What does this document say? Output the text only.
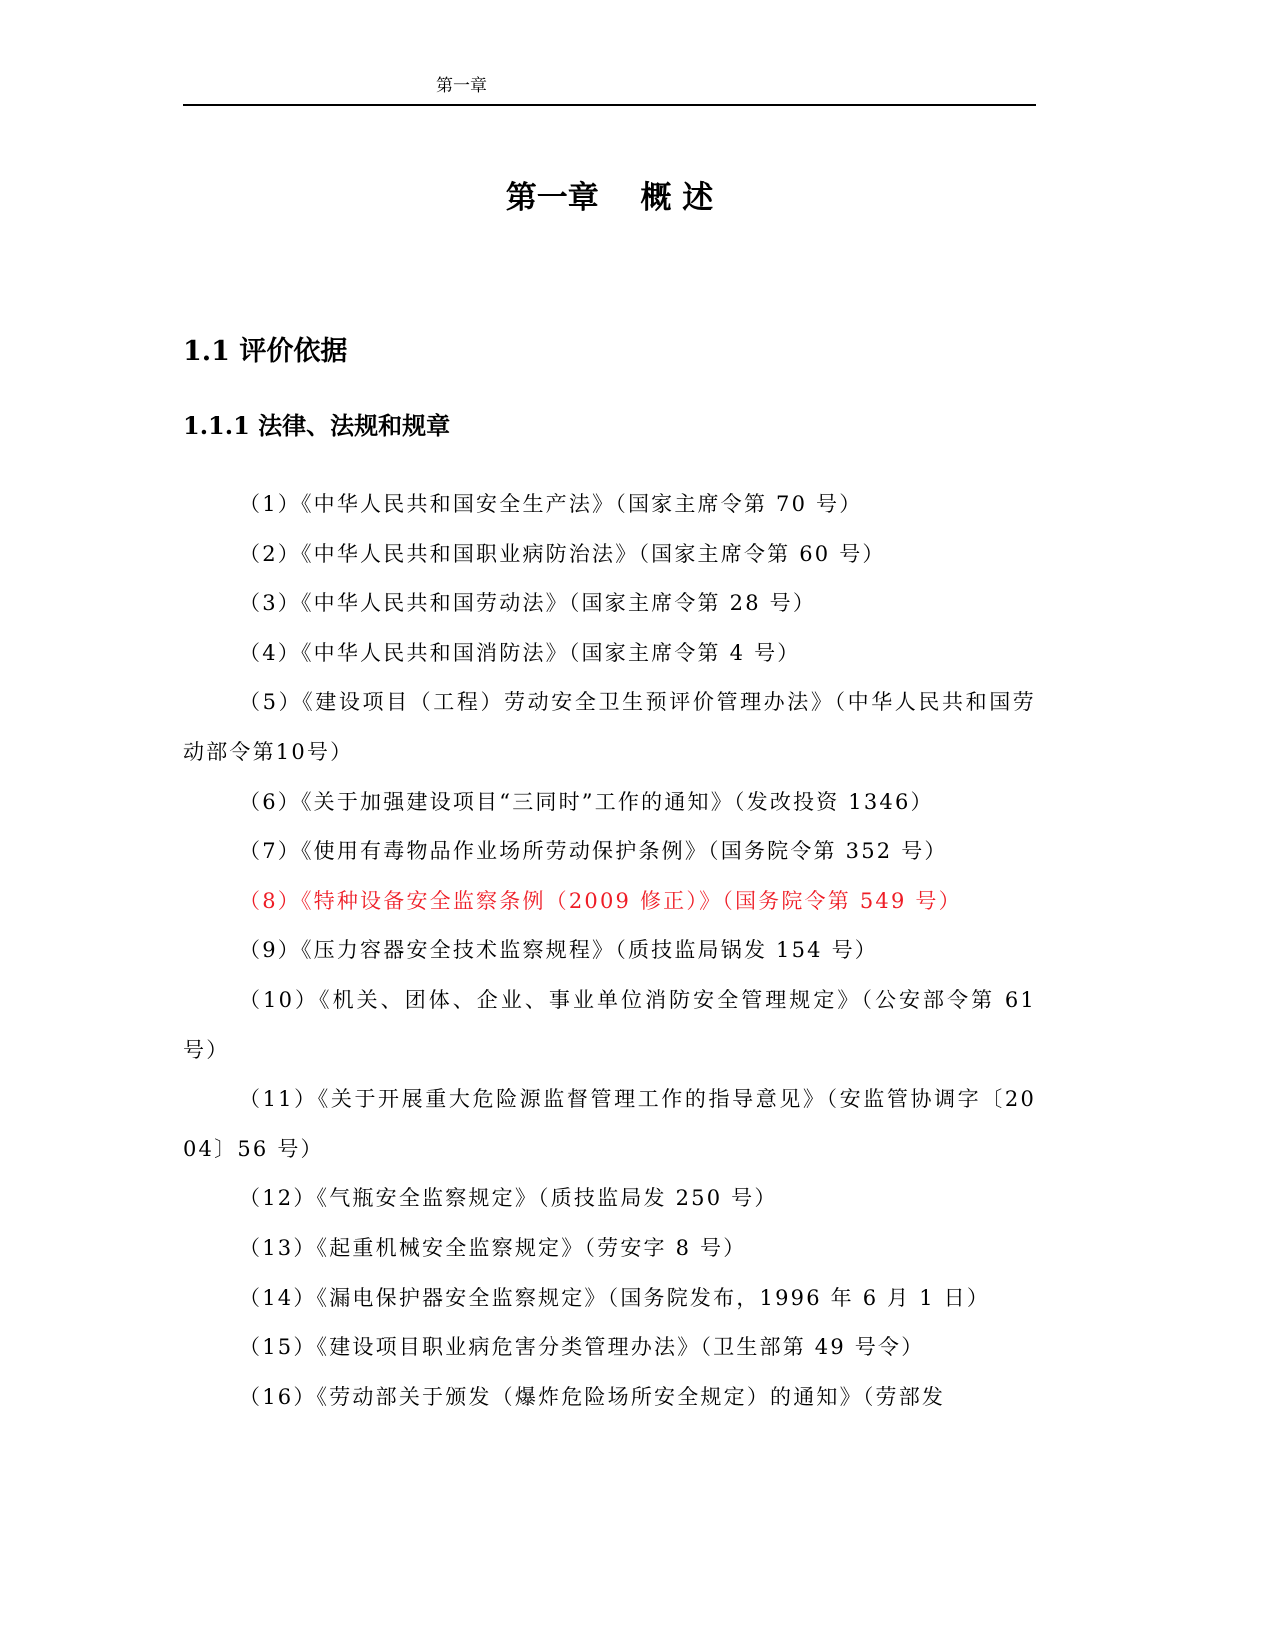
第一章
第一章　 概 述
1.1 评价依据
1.1.1 法律、法规和规章
（1）《中华人民共和国安全生产法》（国家主席令第 70 号）
（2）《中华人民共和国职业病防治法》（国家主席令第 60 号）
（3）《中华人民共和国劳动法》（国家主席令第 28 号）
（4）《中华人民共和国消防法》（国家主席令第 4 号）
（5）《建设项目（工程）劳动安全卫生预评价管理办法》（中华人民共和国劳动部令第10号）
（6）《关于加强建设项目“三同时”工作的通知》（发改投资 1346）
（7）《使用有毒物品作业场所劳动保护条例》（国务院令第 352 号）
（8）《特种设备安全监察条例（2009 修正）》（国务院令第 549 号）
（9）《压力容器安全技术监察规程》（质技监局锅发 154 号）
（10）《机关、团体、企业、事业单位消防安全管理规定》（公安部令第 61 号）
（11）《关于开展重大危险源监督管理工作的指导意见》（安监管协调字〔2004〕56 号）
（12）《气瓶安全监察规定》（质技监局发 250 号）
（13）《起重机械安全监察规定》（劳安字 8 号）
（14）《漏电保护器安全监察规定》（国务院发布，1996 年 6 月 1 日）
（15）《建设项目职业病危害分类管理办法》（卫生部第 49 号令）
（16）《劳动部关于颁发（爆炸危险场所安全规定）的通知》（劳部发
